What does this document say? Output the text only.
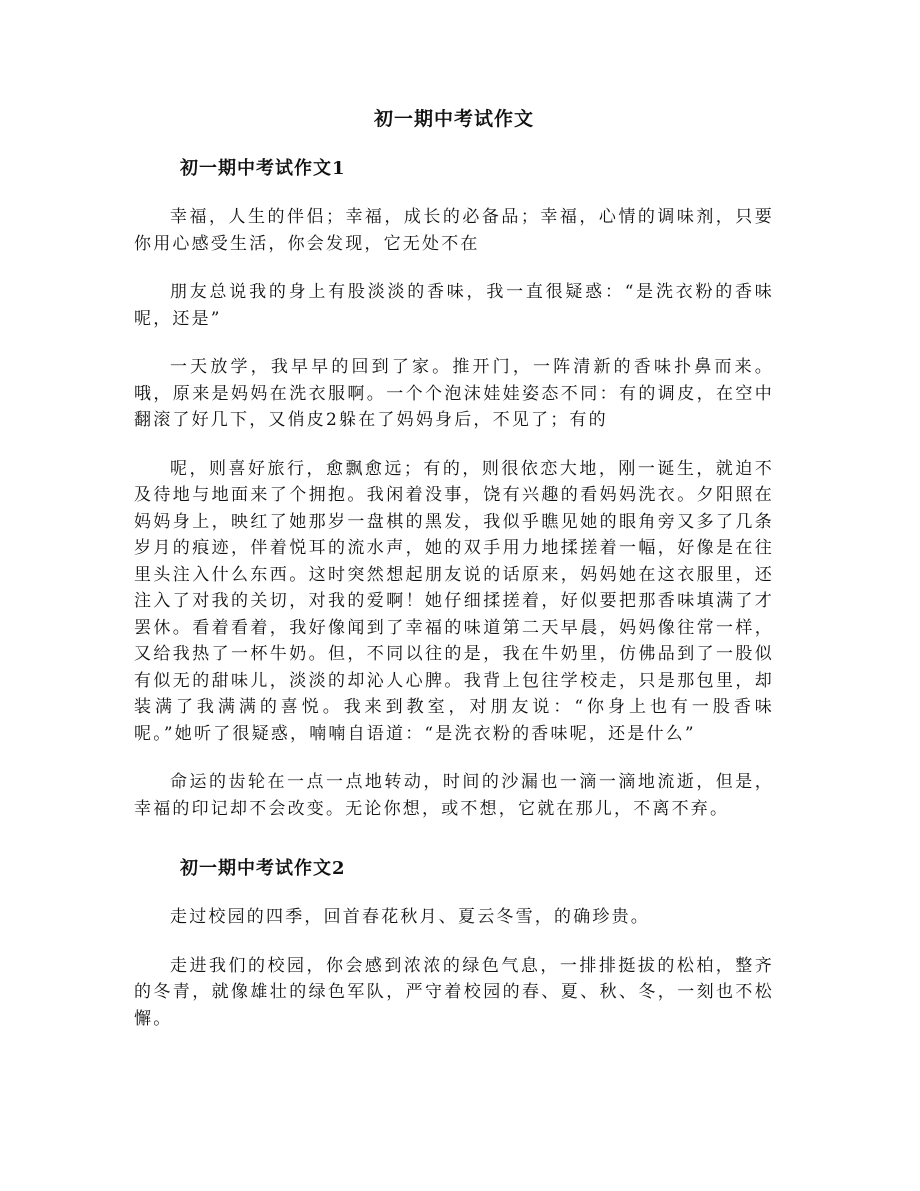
初一期中考试作文
初一期中考试作文1

幸福，人生的伴侣；幸福，成长的必备品；幸福，心情的调味剂，只要你用心感受生活，你会发现，它无处不在

朋友总说我的身上有股淡淡的香味，我一直很疑惑：“是洗衣粉的香味呢，还是”

一天放学，我早早的回到了家。推开门，一阵清新的香味扑鼻而来。哦，原来是妈妈在洗衣服啊。一个个泡沫娃娃姿态不同：有的调皮，在空中翻滚了好几下，又俏皮2躲在了妈妈身后，不见了；有的

呢，则喜好旅行，愈飘愈远；有的，则很依恋大地，刚一诞生，就迫不及待地与地面来了个拥抱。我闲着没事，饶有兴趣的看妈妈洗衣。夕阳照在妈妈身上，映红了她那岁一盘棋的黑发，我似乎瞧见她的眼角旁又多了几条岁月的痕迹，伴着悦耳的流水声，她的双手用力地揉搓着一幅，好像是在往里头注入什么东西。这时突然想起朋友说的话原来，妈妈她在这衣服里，还注入了对我的关切，对我的爱啊！她仔细揉搓着，好似要把那香味填满了才罢休。看着看着，我好像闻到了幸福的味道第二天早晨，妈妈像往常一样，又给我热了一杯牛奶。但，不同以往的是，我在牛奶里，仿佛品到了一股似有似无的甜味儿，淡淡的却沁人心脾。我背上包往学校走，只是那包里，却装满了我满满的喜悦。我来到教室，对朋友说：“你身上也有一股香味呢。”她听了很疑惑，喃喃自语道：“是洗衣粉的香味呢，还是什么”

命运的齿轮在一点一点地转动，时间的沙漏也一滴一滴地流逝，但是，幸福的印记却不会改变。无论你想，或不想，它就在那儿，不离不弃。

初一期中考试作文2

走过校园的四季，回首春花秋月、夏云冬雪，的确珍贵。

走进我们的校园，你会感到浓浓的绿色气息，一排排挺拔的松柏，整齐的冬青，就像雄壮的绿色军队，严守着校园的春、夏、秋、冬，一刻也不松懈。
